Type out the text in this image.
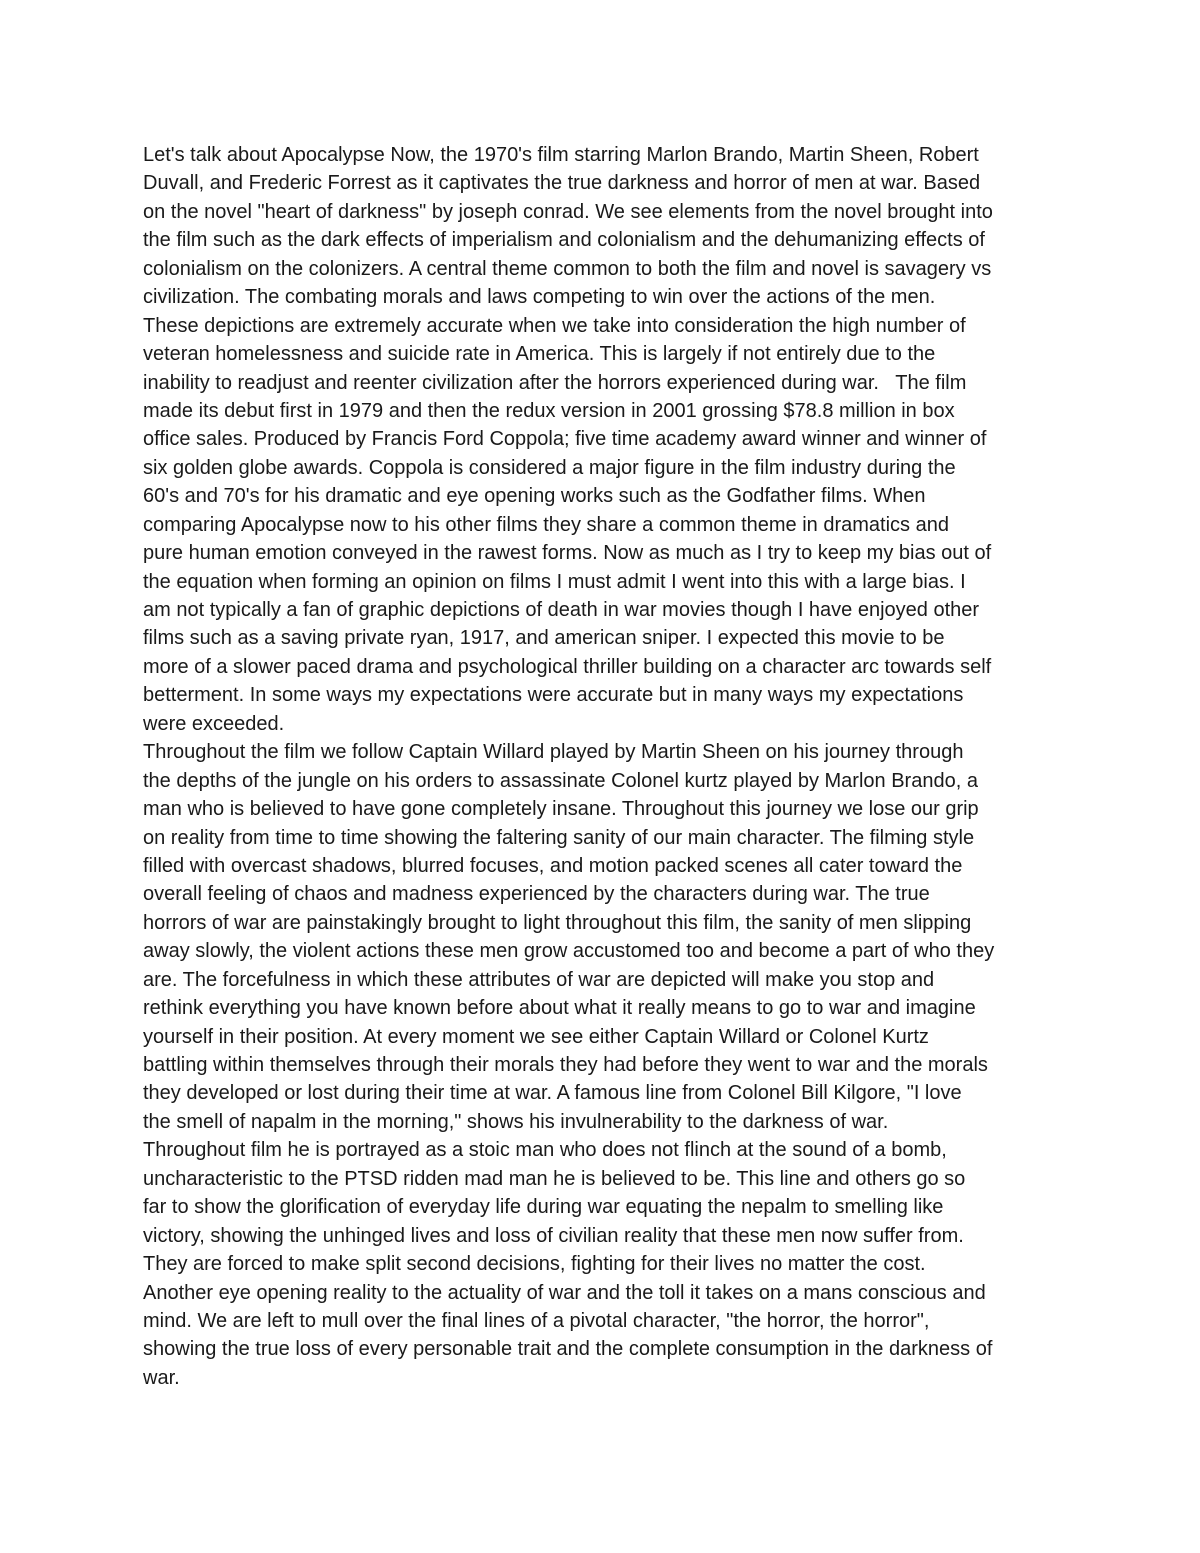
Let's talk about Apocalypse Now, the 1970's film starring Marlon Brando, Martin Sheen, Robert
Duvall, and Frederic Forrest as it captivates the true darkness and horror of men at war. Based
on the novel "heart of darkness" by joseph conrad. We see elements from the novel brought into
the film such as the dark effects of imperialism and colonialism and the dehumanizing effects of
colonialism on the colonizers. A central theme common to both the film and novel is savagery vs
civilization. The combating morals and laws competing to win over the actions of the men.
These depictions are extremely accurate when we take into consideration the high number of
veteran homelessness and suicide rate in America. This is largely if not entirely due to the
inability to readjust and reenter civilization after the horrors experienced during war.   The film
made its debut first in 1979 and then the redux version in 2001 grossing $78.8 million in box
office sales. Produced by Francis Ford Coppola; five time academy award winner and winner of
six golden globe awards. Coppola is considered a major figure in the film industry during the
60's and 70's for his dramatic and eye opening works such as the Godfather films. When
comparing Apocalypse now to his other films they share a common theme in dramatics and
pure human emotion conveyed in the rawest forms. Now as much as I try to keep my bias out of
the equation when forming an opinion on films I must admit I went into this with a large bias. I
am not typically a fan of graphic depictions of death in war movies though I have enjoyed other
films such as a saving private ryan, 1917, and american sniper. I expected this movie to be
more of a slower paced drama and psychological thriller building on a character arc towards self
betterment. In some ways my expectations were accurate but in many ways my expectations
were exceeded.
Throughout the film we follow Captain Willard played by Martin Sheen on his journey through
the depths of the jungle on his orders to assassinate Colonel kurtz played by Marlon Brando, a
man who is believed to have gone completely insane. Throughout this journey we lose our grip
on reality from time to time showing the faltering sanity of our main character. The filming style
filled with overcast shadows, blurred focuses, and motion packed scenes all cater toward the
overall feeling of chaos and madness experienced by the characters during war. The true
horrors of war are painstakingly brought to light throughout this film, the sanity of men slipping
away slowly, the violent actions these men grow accustomed too and become a part of who they
are. The forcefulness in which these attributes of war are depicted will make you stop and
rethink everything you have known before about what it really means to go to war and imagine
yourself in their position. At every moment we see either Captain Willard or Colonel Kurtz
battling within themselves through their morals they had before they went to war and the morals
they developed or lost during their time at war. A famous line from Colonel Bill Kilgore, "I love
the smell of napalm in the morning," shows his invulnerability to the darkness of war.
Throughout film he is portrayed as a stoic man who does not flinch at the sound of a bomb,
uncharacteristic to the PTSD ridden mad man he is believed to be. This line and others go so
far to show the glorification of everyday life during war equating the nepalm to smelling like
victory, showing the unhinged lives and loss of civilian reality that these men now suffer from.
They are forced to make split second decisions, fighting for their lives no matter the cost.
Another eye opening reality to the actuality of war and the toll it takes on a mans conscious and
mind. We are left to mull over the final lines of a pivotal character, "the horror, the horror",
showing the true loss of every personable trait and the complete consumption in the darkness of
war.
